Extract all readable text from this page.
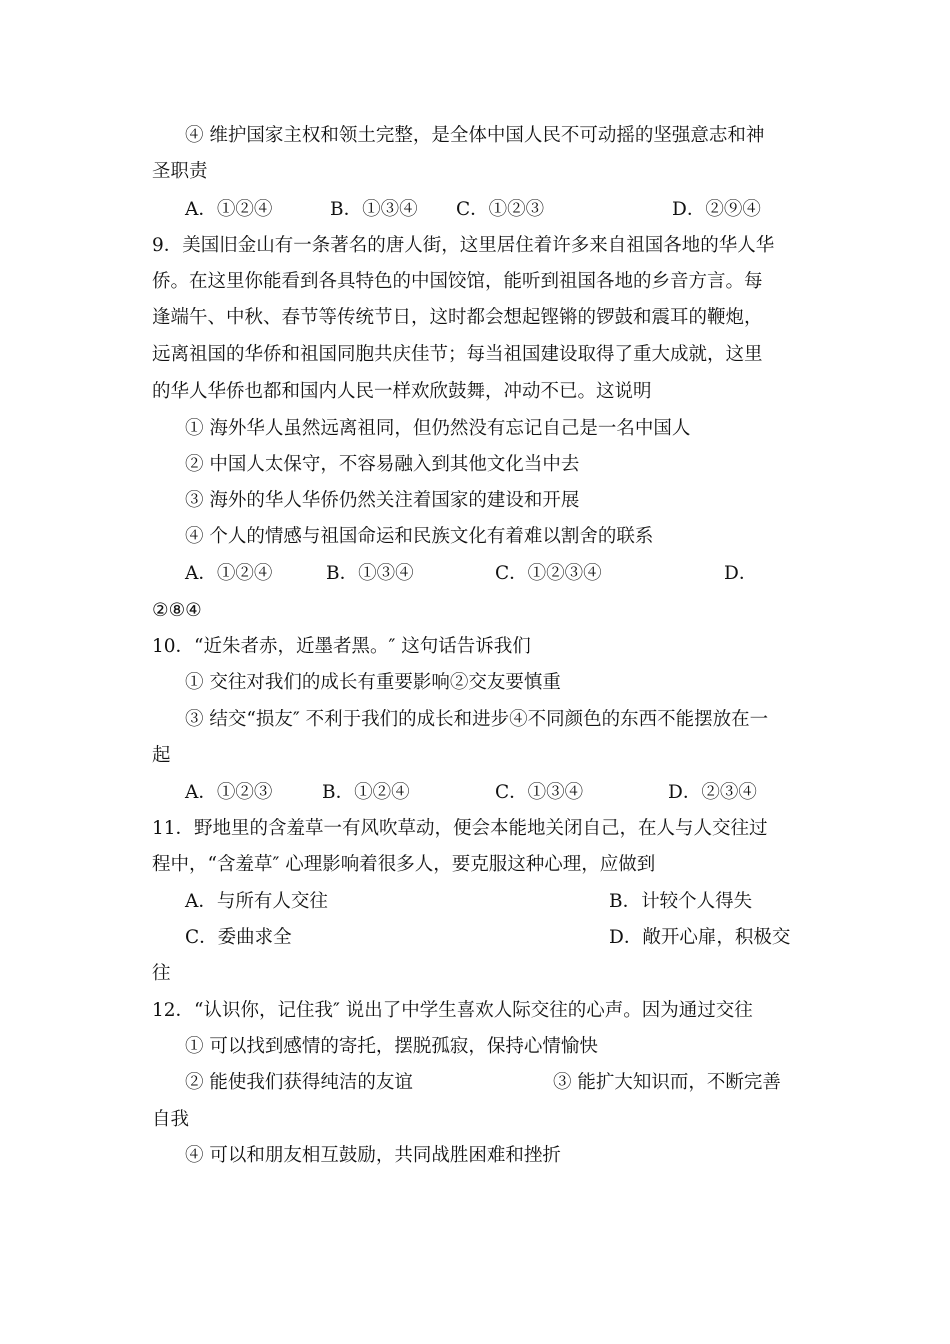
④ 维护国家主权和领土完整，是全体中国人民不可动摇的坚强意志和神
圣职责
A．①②④	B．①③④ C．①②③	D．②⑨④
9．美国旧金山有一条著名的唐人街，这里居住着许多来自祖国各地的华人华
侨。在这里你能看到各具特色的中国饺馆，能听到祖国各地的乡音方言。每
逢端午、中秋、春节等传统节日，这时都会想起铿锵的锣鼓和震耳的鞭炮，
远离祖国的华侨和祖国同胞共庆佳节；每当祖国建设取得了重大成就，这里
的华人华侨也都和国内人民一样欢欣鼓舞，冲动不已。这说明
① 海外华人虽然远离祖同，但仍然没有忘记自己是一名中国人
② 中国人太保守，不容易融入到其他文化当中去
③ 海外的华人华侨仍然关注着国家的建设和开展
④ 个人的情感与祖国命运和民族文化有着难以割舍的联系
A．①②④	B．①③④	C．①②③④	D．
②⑧④
10．“近朱者赤，近墨者黑。″ 这句话告诉我们
① 交往对我们的成长有重要影响②交友要慎重
③ 结交“损友″ 不利于我们的成长和进步④不同颜色的东西不能摆放在一
起
A．①②③	B．①②④	C．①③④	D．②③④
11．野地里的含羞草一有风吹草动，便会本能地关闭自己，在人与人交往过
程中，“含羞草″ 心理影响着很多人，要克服这种心理，应做到
A．与所有人交往	B．计较个人得失
C．委曲求全	D．敞开心扉，积极交
往
12．“认识你，记住我″ 说出了中学生喜欢人际交往的心声。因为通过交往
① 可以找到感情的寄托，摆脱孤寂，保持心情愉快
② 能使我们获得纯洁的友谊	③ 能扩大知识而，不断完善
自我
④ 可以和朋友相互鼓励，共同战胜困难和挫折
